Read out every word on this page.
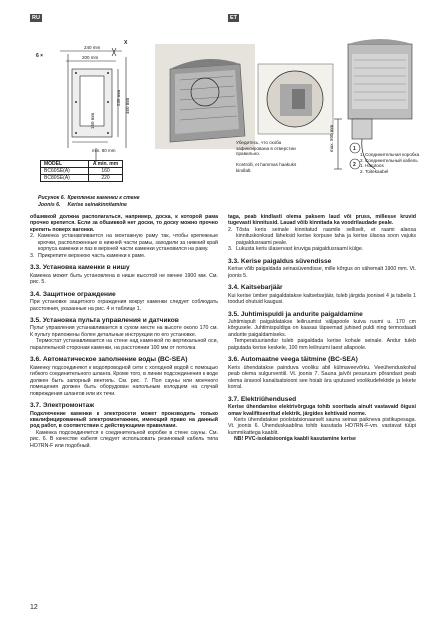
RU	ET
6 ×
240 mm
200 mm
X
230 mm 460 mm
150 mm
min. 80 mm	max. 500 mm	1
2
MODEL	A min. mm
BC60SE(A)	160
BC80SE(A)	220
Убедитесь, что скоба зафиксирована в отверстии правильно.
Kontrolli, et hammas haakuks kindlalt.
1. Соединительная коробка
2. Соединительный кабель
1. Harutoos
2. Toitekaabel
Рисунок 6. Крепление каменки к стене
Joonis 6. Kerise seinakinnitamine

обшивкой должна располагаться, например, доска, к которой рама прочно крепится. Если за обшивкой нет доски, то доску можно прочно крепить поверх вагонки.

2. Каменка устанавливается на монтажную раму так, чтобы крепежные крючки, расположенные в нижней части рамы, заходили за нижний край корпуса каменки и паз в верхней части каменки установился на раму.
3. Прикрепите верхнюю часть каменки к раме.
3.3. Установка каменки в нишу

Каменка может быть установлена в нише высотой не менее 1900 мм. См. рис. 5.

3.4. Защитное ограждение

При установке защитного ограждения вокруг каменки следует соблюдать расстояния, указанные на рис. 4 и таблице 1.

3.5. Установка пульта управления и датчиков

Пульт управления устанавливается в сухом месте на высоте около 170 см. К пульту приложены более детальные инструкции по его установке.

Термостат устанавливается на стене над каменкой по вертикальной оси, параллельной сторонам каменки, на расстоянии 100 мм от потолка

3.6. Автоматическое заполнение воды (BC-SEA)

Каменку подсоединяют к водопроводной сети с холодной водой с помощью гибкого соединительного шланга. Кроме того, в линии подсоединения к воде должен быть запорный вентиль. См. рис. 7. Пол сауны или моечного помещения должен быть оборудован напольным колодцем на случай повреждения шлангов или их течи.

3.7. Электромонтаж

Подключение каменки к электросети может производить только квалифицированный электромонтажник, имеющий право на данный род работ, в соответствии с действующими правилами.

Каменка подсоединяется к соединительной коробке в стене сауны. См. рис. 6. В качестве кабеля следует использовать резиновый кабель типа HO7RN-F или подобный.

taga, peab kindlasti olema paksem laud või pruss, millesse kruvid tugevasti kinnitusid. Lauad võib kinnitada ka voodrilaudade peale.

2. Tõsta keris seinale kinnitatud raamile selliselt, et raami alaosa kinnituskonksud läheksid kerise korpuse taha ja kerise ülaosa soon vajuks paigaldusraami peale.
3. Lukusta keris ülaservast kruviga paigaldusraami külge.
3.3. Kerise paigaldus süvendisse

Kerise võib paigaldada seinasüvendisse, mille kõrgus on vähemalt 1900 mm. Vt. joonis 5.

3.4. Kaitsebarjäär

Kui kerise ümber paigaldatakse kaitsebarjäär, tuleb järgida joonisel 4 ja tabelis 1 toodud ohutuid kaugusi.

3.5. Juhtimispuldi ja andurite paigaldamine

Juhtimispult paigaldatakse leiliruumist väljapoole kuiva ruumi u. 170 cm kõrgusele. Juhtimispuldiga on kaasas täpsemad juhised puldi ning termostaadi andurite paigaldamiseks.

Temperatuuriandur tuleb paigaldada kerise kohale seinale. Andur tuleb paigutada kerise keskele, 100 mm leiliruumi laest allapoole.

3.6. Automaatne veega täitmine (BC-SEA)

Keris ühendatakse painduva vooliku abil külmaveevõrku. Veeühenduskohal peab olema sulgurventiil. Vt. joonis 7. Sauna ja/või pesuruum põrandast peab olema äravool kanalisatsiooni see hoiab ära uputused voolikudefektide ja lekete korral.

3.7. Elektriühendused

Kerise ühendamise elektrivõrguga tohib sooritada ainult vastavaid õigusi omav kvalifitseeritud elektrik, järgides kehtivaid norme.

Keris ühendatakse poolstatsionaarselt sauna seinas paikneva pistikupesaga. Vt. joonis 6. Ühenduskaablina tohib kasutada HO7RN-F-vm. vastavat tüüpi kummikattega kaablit.

NB! PVC-isolatsiooniga kaabli kasutamine kerise

12
